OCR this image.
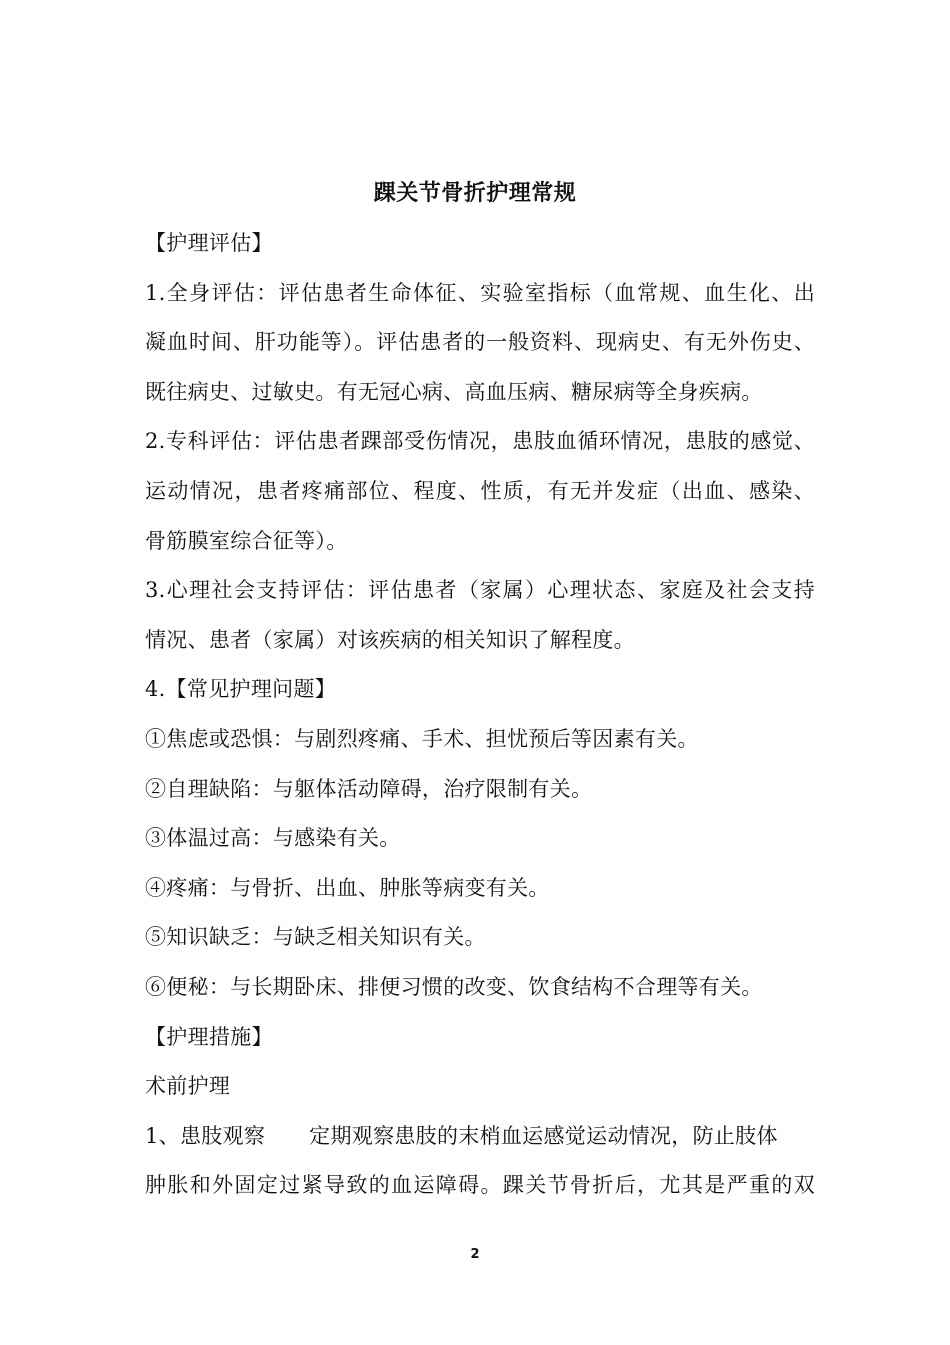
踝关节骨折护理常规
【护理评估】
1.全身评估：评估患者生命体征、实验室指标（血常规、血生化、出
凝血时间、肝功能等）。评估患者的一般资料、现病史、有无外伤史、
既往病史、过敏史。有无冠心病、高血压病、糖尿病等全身疾病。
2.专科评估：评估患者踝部受伤情况，患肢血循环情况，患肢的感觉、
运动情况，患者疼痛部位、程度、性质，有无并发症（出血、感染、
骨筋膜室综合征等）。
3.心理社会支持评估：评估患者（家属）心理状态、家庭及社会支持
情况、患者（家属）对该疾病的相关知识了解程度。
4.【常见护理问题】
①焦虑或恐惧：与剧烈疼痛、手术、担忧预后等因素有关。
②自理缺陷：与躯体活动障碍，治疗限制有关。
③体温过高：与感染有关。
④疼痛：与骨折、出血、肿胀等病变有关。
⑤知识缺乏：与缺乏相关知识有关。
⑥便秘：与长期卧床、排便习惯的改变、饮食结构不合理等有关。
【护理措施】
术前护理
1、患肢观察 定期观察患肢的末梢血运感觉运动情况，防止肢体
肿胀和外固定过紧导致的血运障碍。踝关节骨折后，尤其是严重的双
2
